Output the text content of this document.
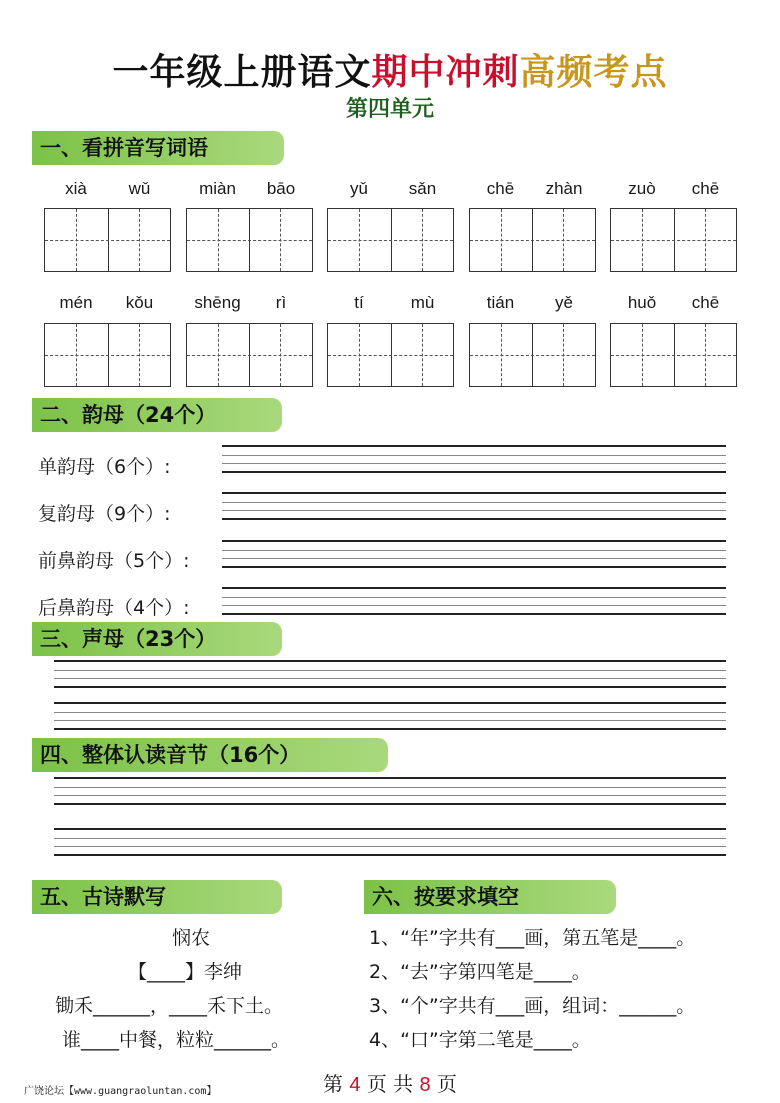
一年级上册语文期中冲刺高频考点
第四单元
一、看拼音写词语
xià	wǔ	miàn	bāo	yǔ	sǎn	chē	zhàn	zuò	chē
mén	kǒu	shēng	rì	tí	mù	tián	yě	huǒ	chē
二、韵母（24个）
单韵母（6个）:
复韵母（9个）:
前鼻韵母（5个）:
后鼻韵母（4个）:
三、声母（23个）
四、整体认读音节（16个）
五、古诗默写
悯农
【____】李绅
锄禾______，____禾下土。
谁____中餐，粒粒______。
六、按要求填空
1、“年”字共有___画，第五笔是____。
2、“去”字第四笔是____。
3、“个”字共有___画，组词：______。
4、“口”字第二笔是____。
广饶论坛【www.guangraoluntan.com】	第 4 页 共 8 页
